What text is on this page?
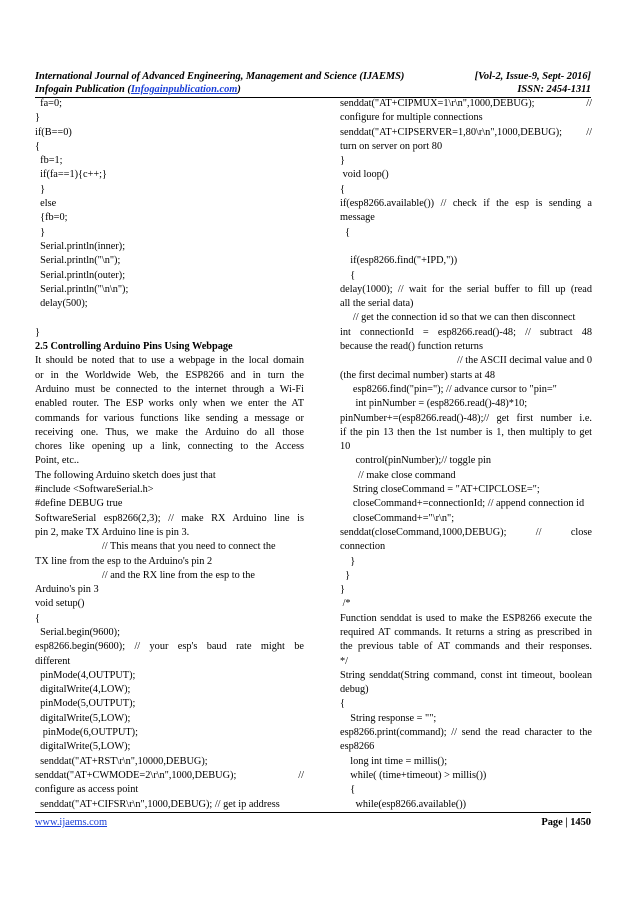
International Journal of Advanced Engineering, Management and Science (IJAEMS)	[Vol-2, Issue-9, Sept- 2016]
Infogain Publication (Infogainpublication.com)	ISSN: 2454-1311
fa=0;
}
if(B==0)
{
fb=1;
if(fa==1){c++;}
}
else
{fb=0;
}
Serial.println(inner);
Serial.println("\n");
Serial.println(outer);
Serial.println("\n\n");
delay(500);
}
2.5 Controlling Arduino Pins Using Webpage
It should be noted that to use a webpage in the local domain
or in the Worldwide Web, the ESP8266 and in turn the
Arduino must be connected to the internet through a Wi-Fi
enabled router. The ESP works only when we enter the AT
commands for various functions like sending a message or
receiving one. Thus, we make the Arduino do all those
chores like opening up a link, connecting to the Access
Point, etc..
The following Arduino sketch does just that
#include <SoftwareSerial.h>
#define DEBUG true
SoftwareSerial esp8266(2,3); // make RX Arduino line is
pin 2, make TX Arduino line is pin 3.
// This means that you need to connect the
TX line from the esp to the Arduino's pin 2
// and the RX line from the esp to the
Arduino's pin 3
void setup()
{
Serial.begin(9600);
esp8266.begin(9600); // your esp's baud rate might be
different
pinMode(4,OUTPUT);
digitalWrite(4,LOW);
pinMode(5,OUTPUT);
digitalWrite(5,LOW);
pinMode(6,OUTPUT);
digitalWrite(5,LOW);
senddat("AT+RST\r\n",10000,DEBUG);
senddat("AT+CWMODE=2\r\n",1000,DEBUG); //
configure as access point
senddat("AT+CIFSR\r\n",1000,DEBUG); // get ip address
senddat("AT+CIPMUX=1\r\n",1000,DEBUG); //
configure for multiple connections
senddat("AT+CIPSERVER=1,80\r\n",1000,DEBUG); //
turn on server on port 80
}
void loop()
{
if(esp8266.available()) // check if the esp is sending a
message
{
if(esp8266.find("+IPD,"))
{
delay(1000); // wait for the serial buffer to fill up (read
all the serial data)
// get the connection id so that we can then disconnect
int connectionId = esp8266.read()-48; // subtract 48
because the read() function returns
// the ASCII decimal value and 0
(the first decimal number) starts at 48
esp8266.find("pin="); // advance cursor to "pin="
int pinNumber = (esp8266.read()-48)*10;
pinNumber+=(esp8266.read()-48);// get first number i.e.
if the pin 13 then the 1st number is 1, then multiply to get
10
control(pinNumber);// toggle pin
// make close command
String closeCommand = "AT+CIPCLOSE=";
closeCommand+=connectionId; // append connection id
closeCommand+="\r\n";
senddat(closeCommand,1000,DEBUG); // close
connection
}
}
}
/*
Function senddat is used to make the ESP8266 execute the
required AT commands. It returns a string as prescribed in
the previous table of AT commands and their responses.
*/
String senddat(String command, const int timeout, boolean
debug)
{
String response = "";
esp8266.print(command); // send the read character to the
esp8266
long int time = millis();
while( (time+timeout) > millis())
{
while(esp8266.available())
www.ijaems.com	Page | 1450
